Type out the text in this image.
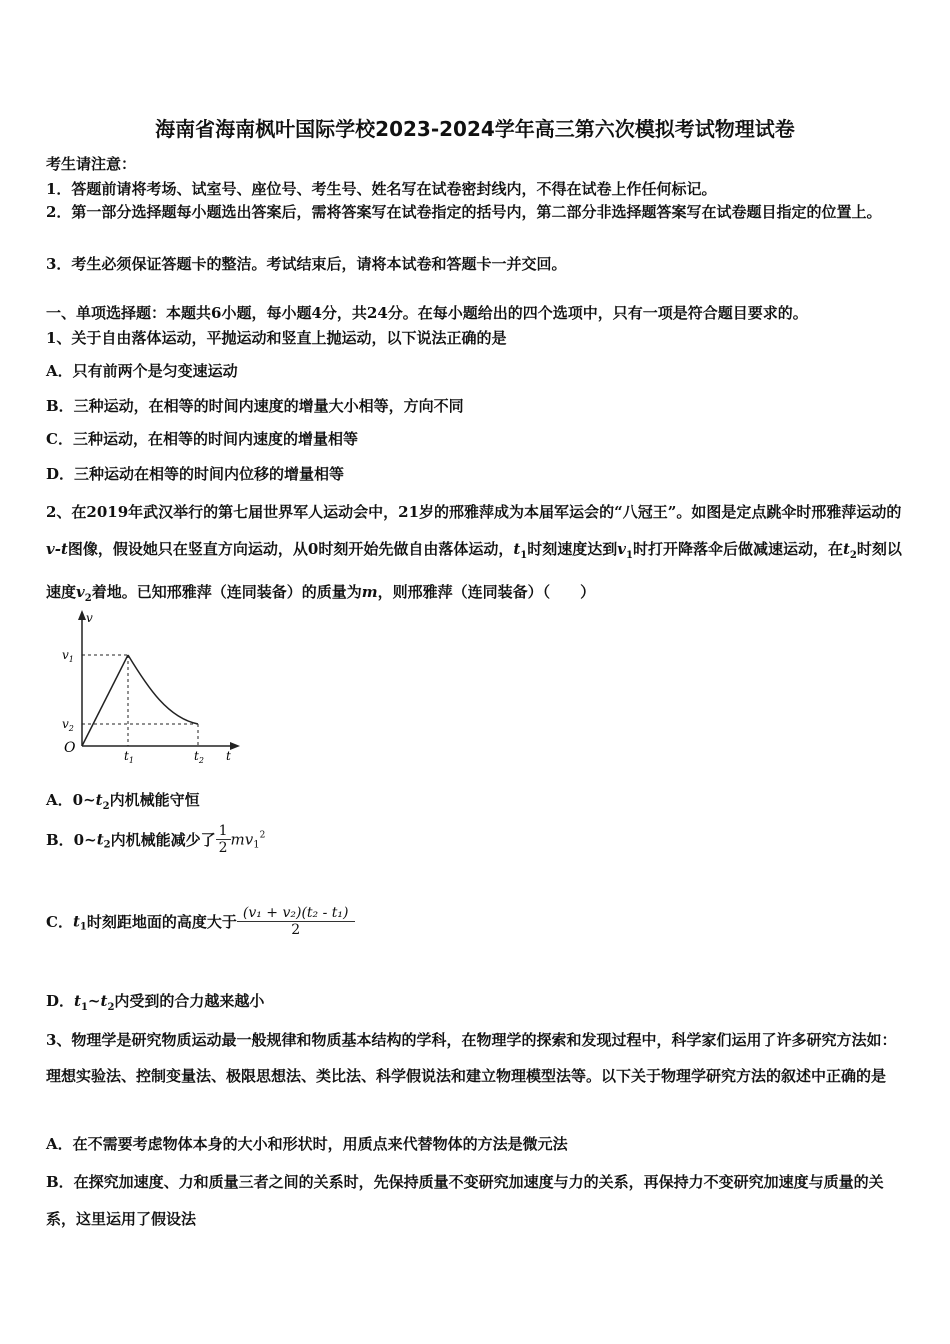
海南省海南枫叶国际学校2023-2024学年高三第六次模拟考试物理试卷
考生请注意：
1．答题前请将考场、试室号、座位号、考生号、姓名写在试卷密封线内，不得在试卷上作任何标记。
2．第一部分选择题每小题选出答案后，需将答案写在试卷指定的括号内，第二部分非选择题答案写在试卷题目指定的位置上。
3．考生必须保证答题卡的整洁。考试结束后，请将本试卷和答题卡一并交回。
一、单项选择题：本题共6小题，每小题4分，共24分。在每小题给出的四个选项中，只有一项是符合题目要求的。
1、关于自由落体运动，平抛运动和竖直上抛运动，以下说法正确的是
A．只有前两个是匀变速运动
B．三种运动，在相等的时间内速度的增量大小相等，方向不同
C．三种运动，在相等的时间内速度的增量相等
D．三种运动在相等的时间内位移的增量相等
2、在2019年武汉举行的第七届世界军人运动会中，21岁的邢雅萍成为本届军运会的“八冠王”。如图是定点跳伞时邢雅萍运动的v-t图像，假设她只在竖直方向运动，从0时刻开始先做自由落体运动，$t_1$时刻速度达到$v_1$时打开降落伞后做减速运动，在$t_2$时刻以速度$v_2$着地。已知邢雅萍（连同装备）的质量为m，则邢雅萍（连同装备）（　　）
v
$v_1$
$v_2$
O	$t_1$	$t_2$ t
A．$0\sim t_2$内机械能守恒
B．$0\sim t_2$内机械能减少了 $\frac{1}{2} mv_1^2$
C．$t_1$时刻距地面的高度大于 $\frac{\text{(v₁ + v₂)(t₂ - t₁)}}{2}$
D．$t_1\sim t_2$内受到的合力越来越小
3、物理学是研究物质运动最一般规律和物质基本结构的学科，在物理学的探索和发现过程中，科学家们运用了许多研究方法如：理想实验法、控制变量法、极限思想法、类比法、科学假说法和建立物理模型法等。以下关于物理学研究方法的叙述中正确的是
A．在不需要考虑物体本身的大小和形状时，用质点来代替物体的方法是微元法
B．在探究加速度、力和质量三者之间的关系时，先保持质量不变研究加速度与力的关系，再保持力不变研究加速度与质量的关系，这里运用了假设法
